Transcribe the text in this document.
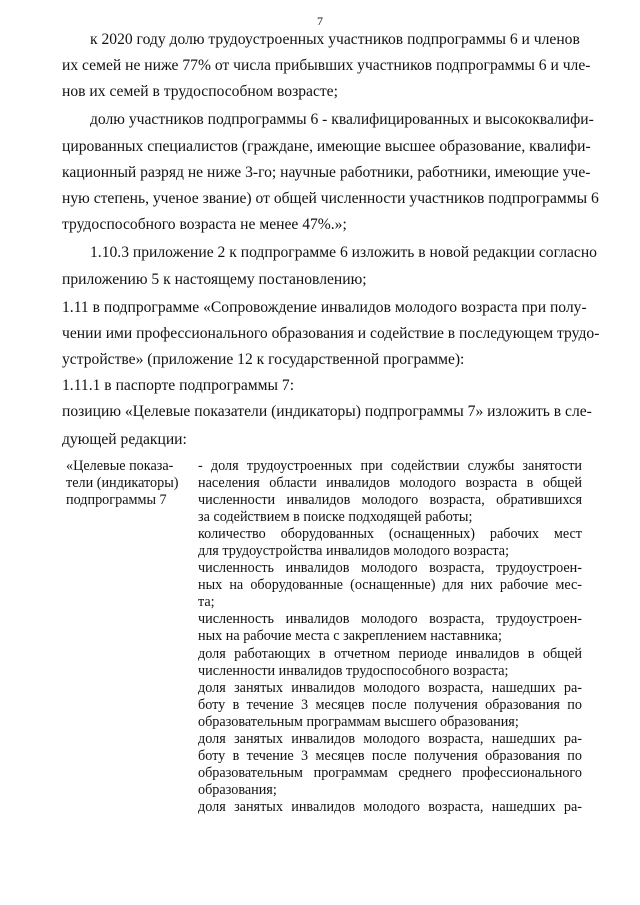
7
к 2020 году долю трудоустроенных участников подпрограммы 6 и членов
их семей не ниже 77% от числа прибывших участников подпрограммы 6 и чле-
нов их семей в трудоспособном возрасте;
долю участников подпрограммы 6 - квалифицированных и высококвалифи-
цированных специалистов (граждане, имеющие высшее образование, квалифи-
кационный разряд не ниже 3-го; научные работники, работники, имеющие уче-
ную степень, ученое звание) от общей численности участников подпрограммы 6
трудоспособного возраста не менее 47%.»;
1.10.3 приложение 2 к подпрограмме 6 изложить в новой редакции согласно
приложению 5 к настоящему постановлению;
1.11 в подпрограмме «Сопровождение инвалидов молодого возраста при полу-
чении ими профессионального образования и содействие в последующем трудо-
устройстве» (приложение 12 к государственной программе):
1.11.1 в паспорте подпрограммы 7:
позицию «Целевые показатели (индикаторы) подпрограммы 7» изложить в сле-
«Целевые показа-
тели (индикаторы)
подпрограммы 7
- доля трудоустроенных при содействии службы занятости
населения области инвалидов молодого возраста в общей
численности инвалидов молодого возраста, обратившихся
за содействием в поиске подходящей работы;
количество оборудованных (оснащенных) рабочих мест
для трудоустройства инвалидов молодого возраста;
численность инвалидов молодого возраста, трудоустроен-
ных на оборудованные (оснащенные) для них рабочие мес-
та;
численность инвалидов молодого возраста, трудоустроен-
ных на рабочие места с закреплением наставника;
доля работающих в отчетном периоде инвалидов в общей
численности инвалидов трудоспособного возраста;
доля занятых инвалидов молодого возраста, нашедших ра-
боту в течение 3 месяцев после получения образования по
образовательным программам высшего образования;
доля занятых инвалидов молодого возраста, нашедших ра-
боту в течение 3 месяцев после получения образования по
образовательным программам среднего профессионального
образования;
доля занятых инвалидов молодого возраста, нашедших ра-
дующей редакции:
